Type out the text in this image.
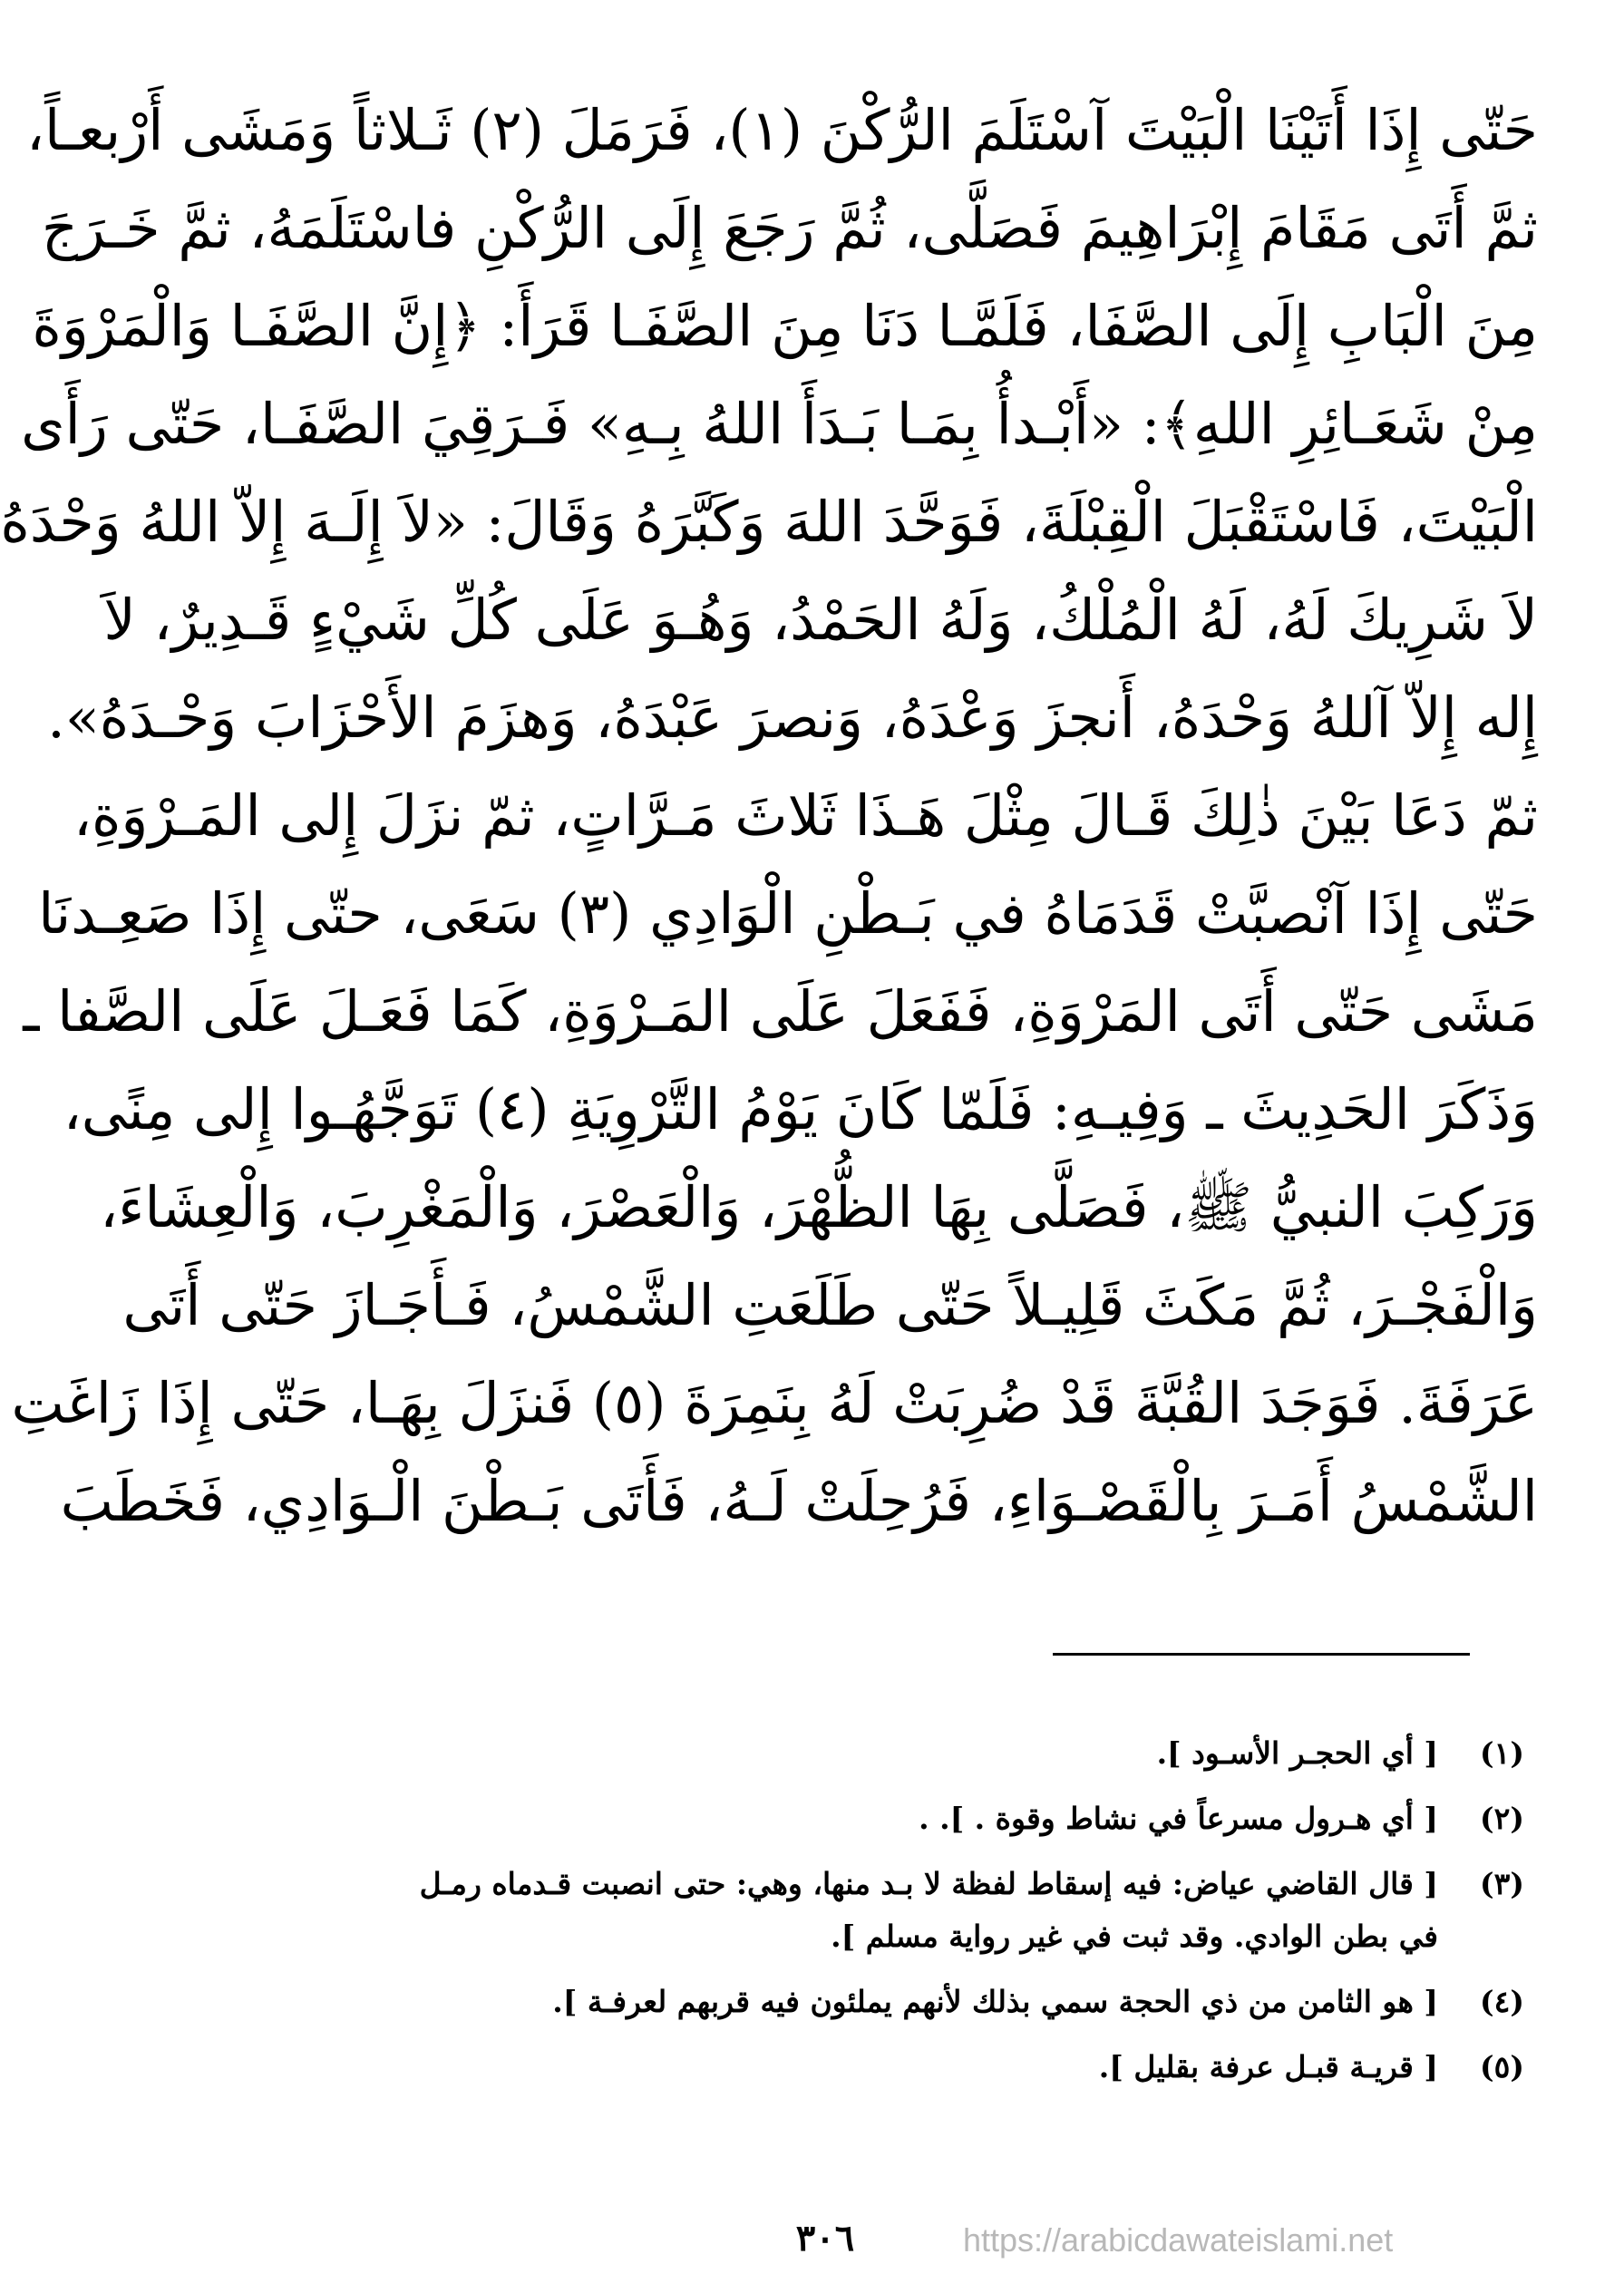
حَتّى إِذَا أَتَيْنَا الْبَيْتَ آسْتَلَمَ الرُّكْنَ (١)، فَرَمَلَ (٢) ثَـلاثاً وَمَشَى أَرْبعـاً،
ثمَّ أَتَى مَقَامَ إِبْرَاهِيمَ فَصَلَّى، ثُمَّ رَجَعَ إِلَى الرُّكْنِ فاسْتَلَمَهُ، ثمَّ خَـرَجَ
مِنَ الْبَابِ إِلَى الصَّفَا، فَلَمَّـا دَنَا مِنَ الصَّفَـا قَرَأَ: ﴿إِنَّ الصَّفَـا وَالْمَرْوَةَ
مِنْ شَعَـائِرِ اللهِ﴾: «أَبْـدأُ بِمَـا بَـدَأَ اللهُ بِـهِ» فَـرَقِيَ الصَّفَـا، حَتّى رَأَى
الْبَيْتَ، فَاسْتَقْبَلَ الْقِبْلَةَ، فَوَحَّدَ اللهَ وَكَبَّرَهُ وَقَالَ: «لاَ إِلَـهَ إِلاّ اللهُ وَحْدَهُ
لاَ شَرِيكَ لَهُ، لَهُ الْمُلْكُ، وَلَهُ الحَمْدُ، وَهُـوَ عَلَى كُلِّ شَيْءٍ قَـدِيرٌ، لاَ
إِله إِلاّ آللهُ وَحْدَهُ، أَنجزَ وَعْدَهُ، وَنصرَ عَبْدَهُ، وَهزَمَ الأَحْزَابَ وَحْـدَهُ».
ثمّ دَعَا بَيْنَ ذٰلِكَ قَـالَ مِثْلَ هَـذَا ثَلاثَ مَـرَّاتٍ، ثمّ نزَلَ إِلى المَـرْوَةِ،
حَتّى إِذَا آنْصبَّتْ قَدَمَاهُ في بَـطْنِ الْوَادِي (٣) سَعَى، حتّى إِذَا صَعِـدنَا
مَشَى حَتّى أَتَى المَرْوَةِ، فَفَعَلَ عَلَى المَـرْوَةِ، كَمَا فَعَـلَ عَلَى الصَّفا ـ
وَذَكَرَ الحَدِيثَ ـ وَفِيـهِ: فَلَمّا كَانَ يَوْمُ التَّرْوِيَةِ (٤) تَوَجَّهُـوا إِلى مِنًى،
وَرَكِبَ النبيُّ ﷺ، فَصَلَّى بِهَا الظُّهْرَ، وَالْعَصْرَ، وَالْمَغْرِبَ، وَالْعِشَاءَ،
وَالْفَجْـرَ، ثُمَّ مَكَثَ قَلِيـلاً حَتّى طَلَعَتِ الشَّمْسُ، فَـأَجَـازَ حَتّى أَتَى
عَرَفَةَ. فَوَجَدَ القُبَّةَ قَدْ ضُرِبَتْ لَهُ بِنَمِرَةَ (٥) فَنزَلَ بِهَـا، حَتّى إِذَا زَاغَتِ
الشَّمْسُ أَمَـرَ بِالْقَصْـوَاءِ، فَرُحِلَتْ لَـهُ، فَأَتَى بَـطْنَ الْـوَادِي، فَخَطَبَ
(١)
[ أي الحجـر الأسـود ].
(٢)
[ أي هـرول مسرعاً في نشاط وقوة . ]. .
(٣)
[ قال القاضي عياض: فيه إسقاط لفظة لا بـد منها، وهي: حتى انصبت قـدماه رمـل
في بطن الوادي. وقد ثبت في غير رواية مسلم ].
(٤)
[ هو الثامن من ذي الحجة سمي بذلك لأنهم يملئون فيه قربهم لعرفـة ].
(٥)
[ قريـة قبـل عرفة بقليل ].
٣٠٦	https://arabicdawateislami.net
